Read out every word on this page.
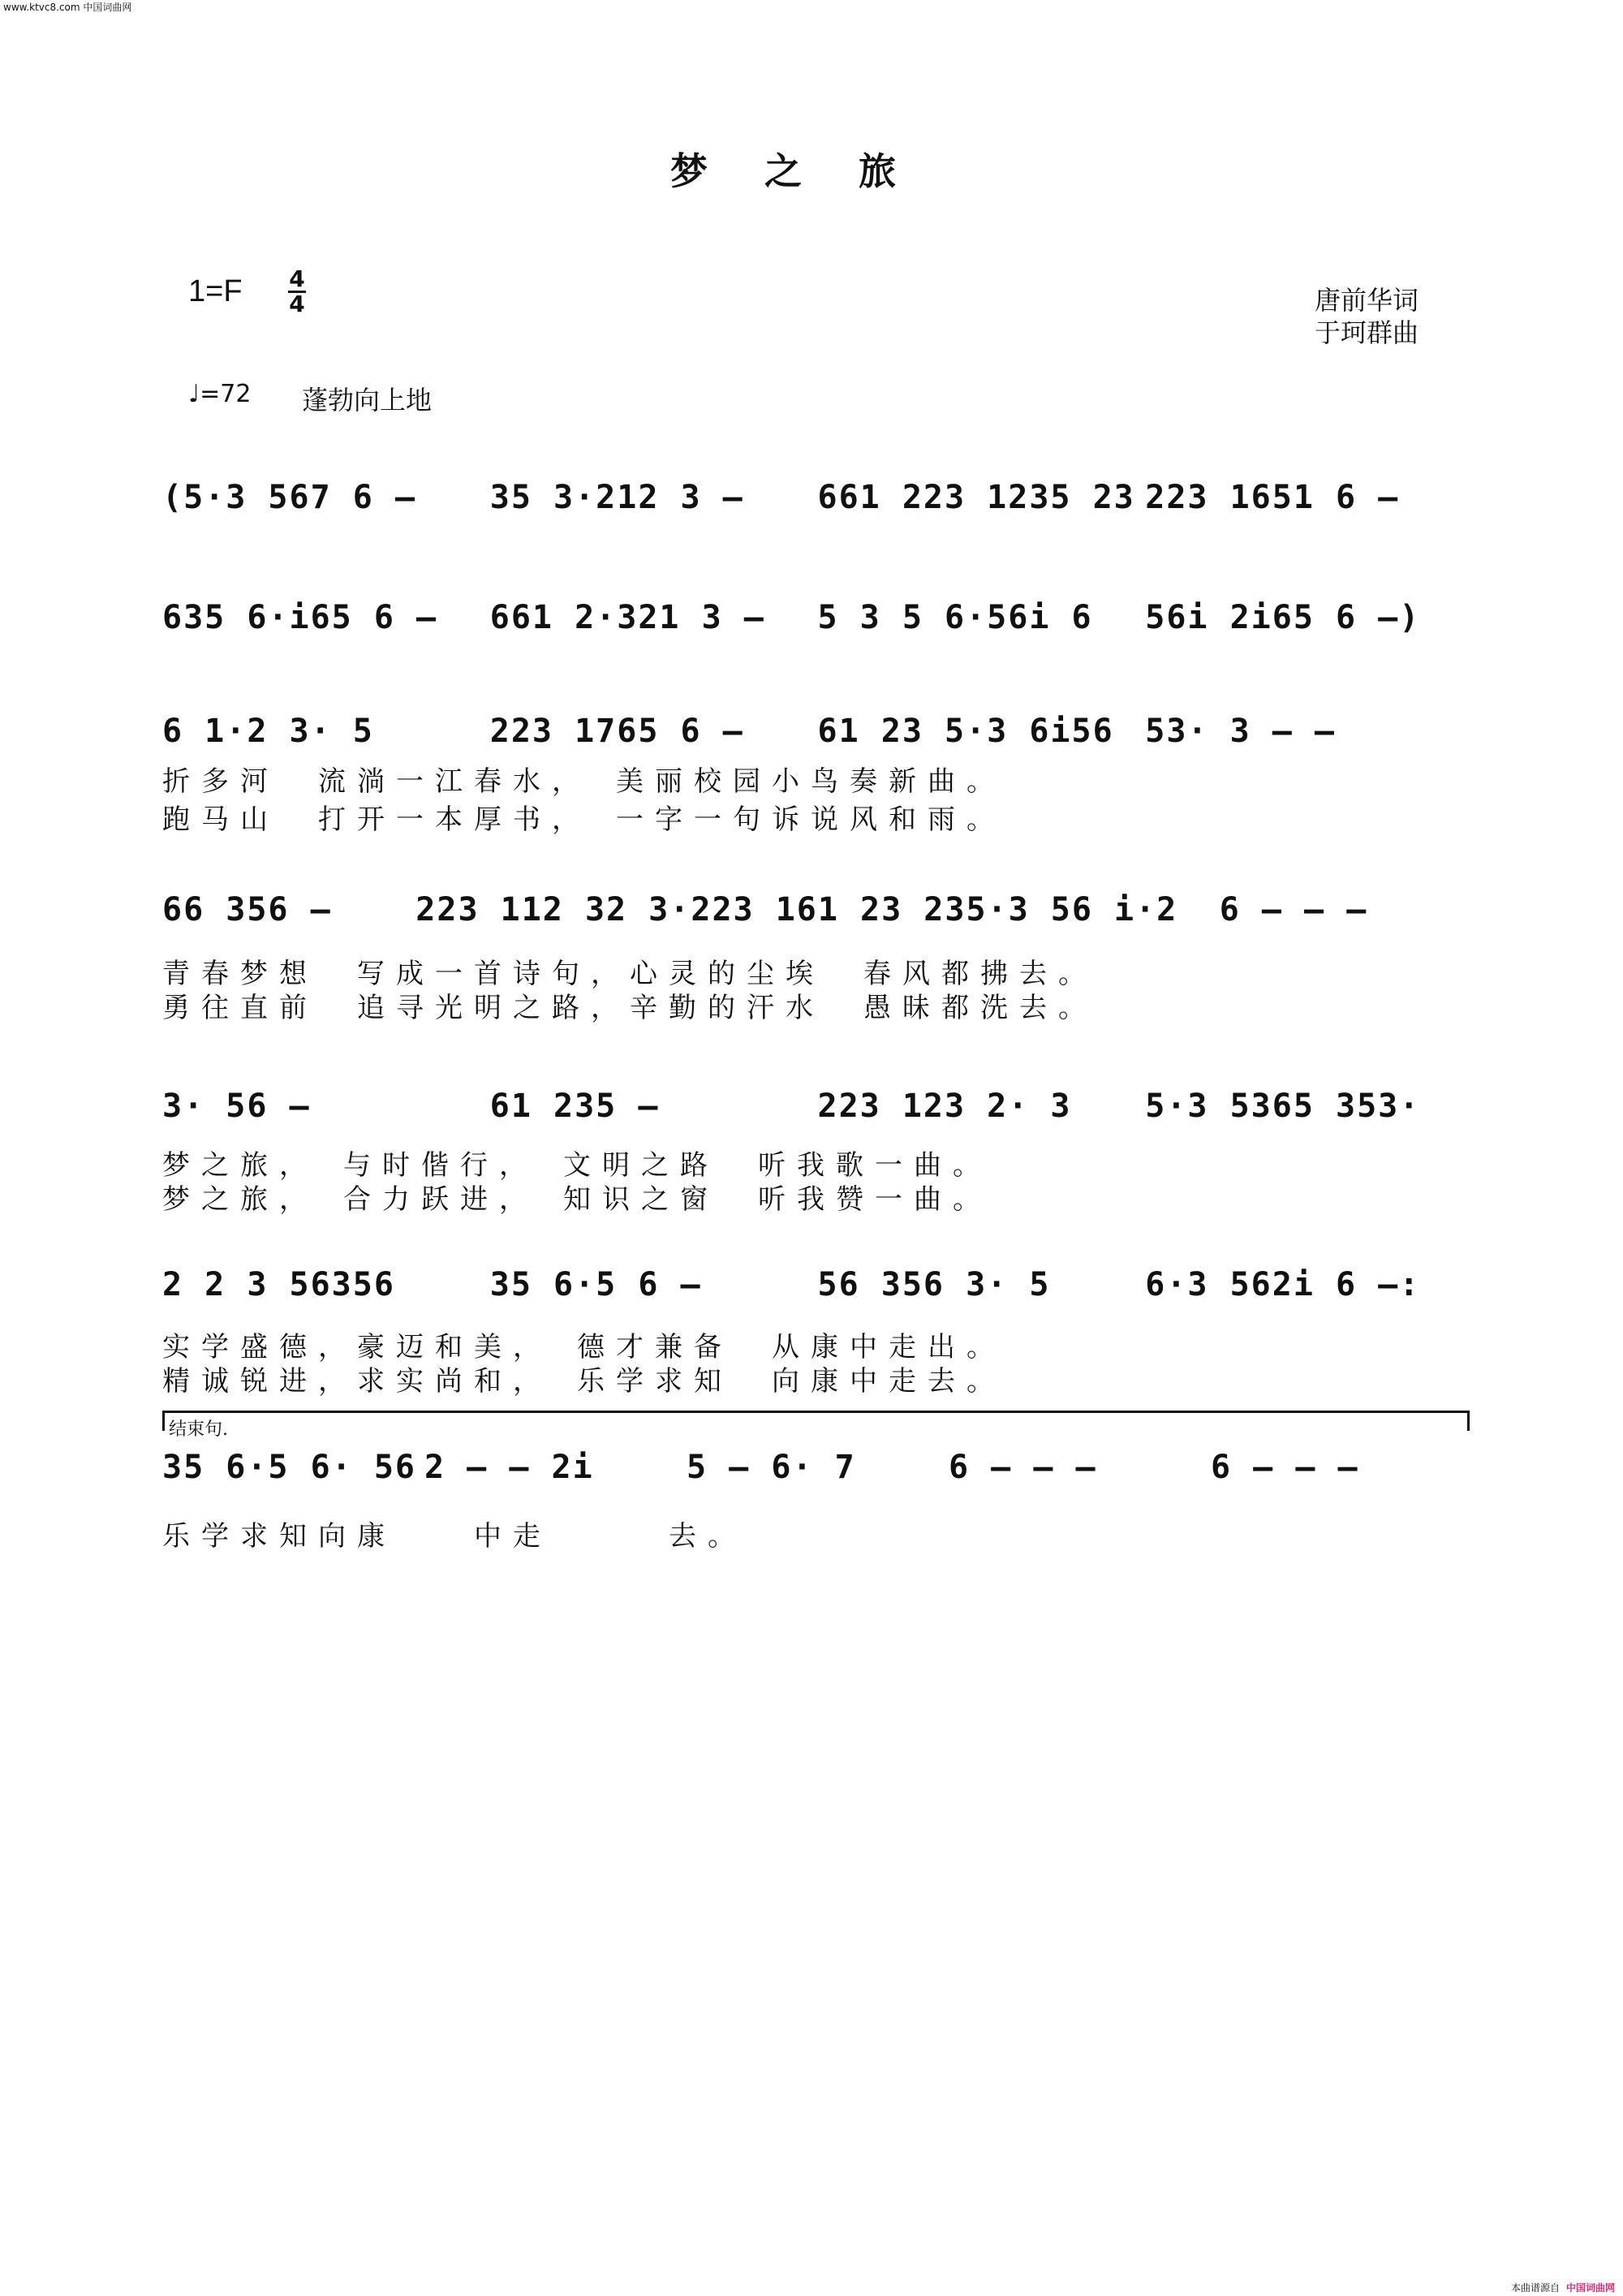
www.ktvc8.com 中国词曲网
梦之旅
1=F 4
4	唐前华词
于珂群曲
♩=72 蓬勃向上地
(5·3 567 6 –	35 3·212 3 –	661 223 1235 23 223 1651 6 –
635 6·i65 6 –	661 2·321 3 –	5 3 5 6·56i 6	56i 2i65 6 –)
6 1·2 3· 5	223 1765 6 –	61 23 5·3 6i56 53· 3 – –
折多河　流淌一江春水，　美丽校园小鸟奏新曲。
跑马山　打开一本厚书，　一字一句诉说风和雨。
66 356 –	223 112 32 3· 223 161 23 23 5·3 56 i·2	6 – – –
青春梦想　写成一首诗句，心灵的尘埃　春风都拂去。
勇往直前　追寻光明之路，辛勤的汗水　愚昧都洗去。
3· 56 –	61 235 –	223 123 2· 3	5·3 5365 353·
梦之旅，　与时偕行，　文明之路　听我歌一曲。
梦之旅，　合力跃进，　知识之窗　听我赞一曲。
2 2 3 56356	35 6·5 6 –	56 356 3· 5	6·3 562i 6 –:
实学盛德，豪迈和美，　德才兼备　从康中走出。
精诚锐进，求实尚和，　乐学求知　向康中走去。
结束句.
35 6·5 6· 56 2 – – 2i	5 – 6· 7	6 – – –	6 – – –
乐学求知向康　　中走　　　去。
本曲谱源自 中国词曲网
